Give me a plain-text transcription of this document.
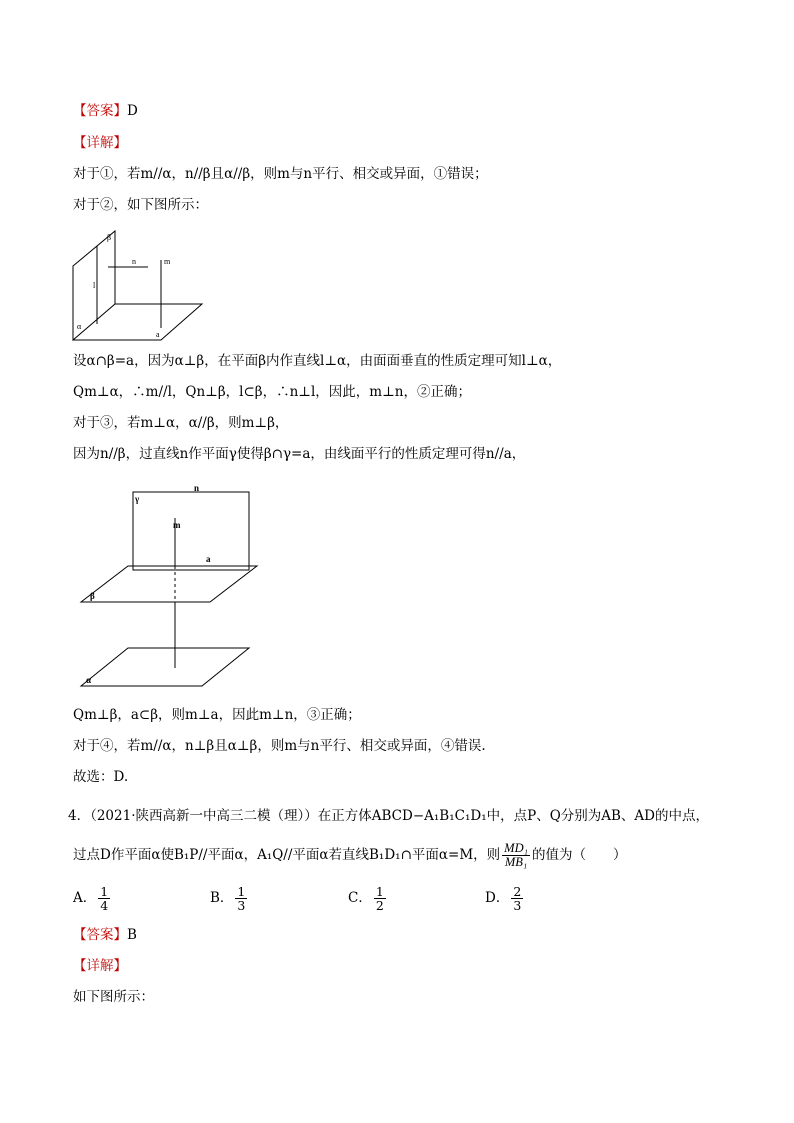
【答案】D
【详解】
对于①，若m//α，n//β且α//β，则m与n平行、相交或异面，①错误；
对于②，如下图所示：
β
n	m
l
α
a
设α∩β=a，因为α⊥β，在平面β内作直线l⊥α，由面面垂直的性质定理可知l⊥α，
Qm⊥α，∴m//l，Qn⊥β，l⊂β，∴n⊥l，因此，m⊥n，②正确；
对于③，若m⊥α，α//β，则m⊥β，
因为n//β，过直线n作平面γ使得β∩γ=a，由线面平行的性质定理可得n//a，
γ
n
m
a
β
α
Qm⊥β，a⊂β，则m⊥a，因此m⊥n，③正确；
对于④，若m//α，n⊥β且α⊥β，则m与n平行、相交或异面，④错误.
故选：D.
4．（2021·陕西高新一中高三二模（理））在正方体ABCD−A₁B₁C₁D₁中，点P、Q分别为AB、AD的中点，
过点D作平面α使B₁P//平面α，A₁Q//平面α若直线B₁D₁∩平面α=M，则 $\frac{\text{MD₁}}{\text{MB₁}}$ 的值为（　　）
A． $\frac{1}{4}$	B． $\frac{1}{3}$	C． $\frac{1}{2}$	D． $\frac{2}{3}$
【答案】B
【详解】
如下图所示：
